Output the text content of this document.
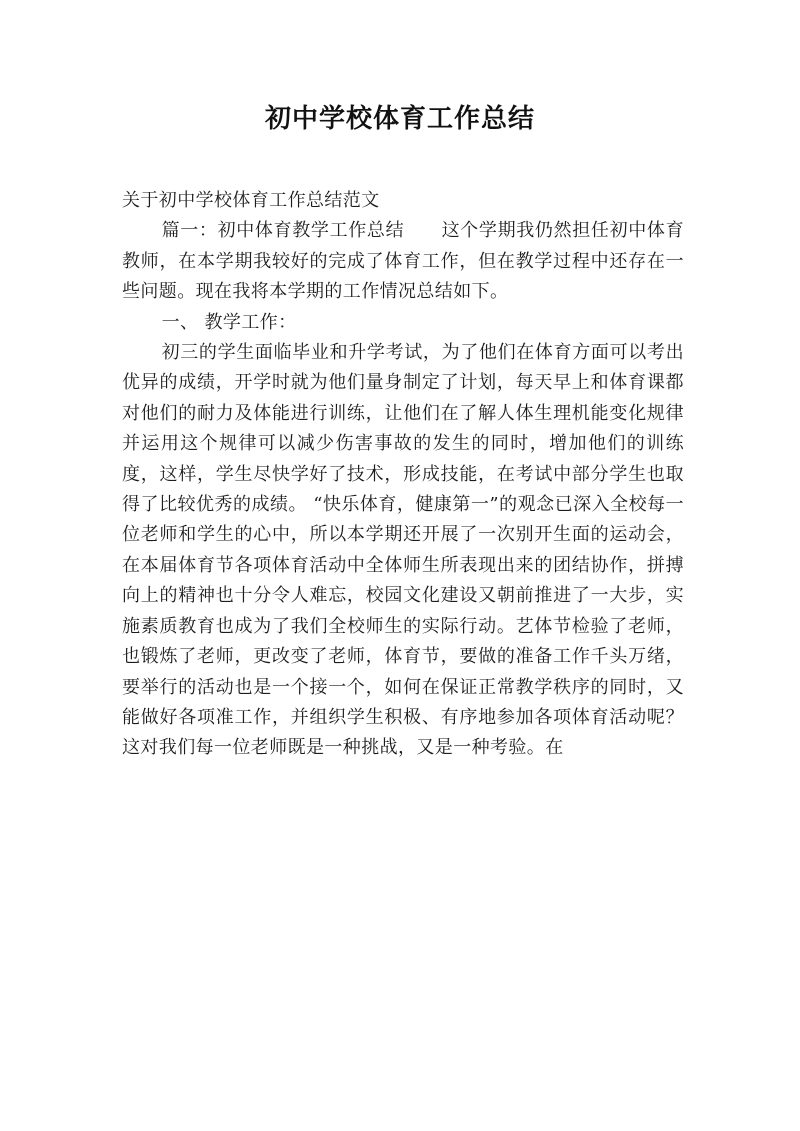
初中学校体育工作总结

关于初中学校体育工作总结范文

篇一：初中体育教学工作总结　　这个学期我仍然担任初中体育教师，在本学期我较好的完成了体育工作，但在教学过程中还存在一些问题。现在我将本学期的工作情况总结如下。

一、 教学工作：

初三的学生面临毕业和升学考试，为了他们在体育方面可以考出优异的成绩，开学时就为他们量身制定了计划，每天早上和体育课都对他们的耐力及体能进行训练，让他们在了解人体生理机能变化规律并运用这个规律可以减少伤害事故的发生的同时，增加他们的训练度，这样，学生尽快学好了技术，形成技能，在考试中部分学生也取得了比较优秀的成绩。 “快乐体育，健康第一”的观念已深入全校每一位老师和学生的心中，所以本学期还开展了一次别开生面的运动会，在本届体育节各项体育活动中全体师生所表现出来的团结协作，拼搏向上的精神也十分令人难忘，校园文化建设又朝前推进了一大步，实施素质教育也成为了我们全校师生的实际行动。艺体节检验了老师，也锻炼了老师，更改变了老师，体育节，要做的准备工作千头万绪，要举行的活动也是一个接一个，如何在保证正常教学秩序的同时，又能做好各项准工作，并组织学生积极、有序地参加各项体育活动呢？这对我们每一位老师既是一种挑战，又是一种考验。在
